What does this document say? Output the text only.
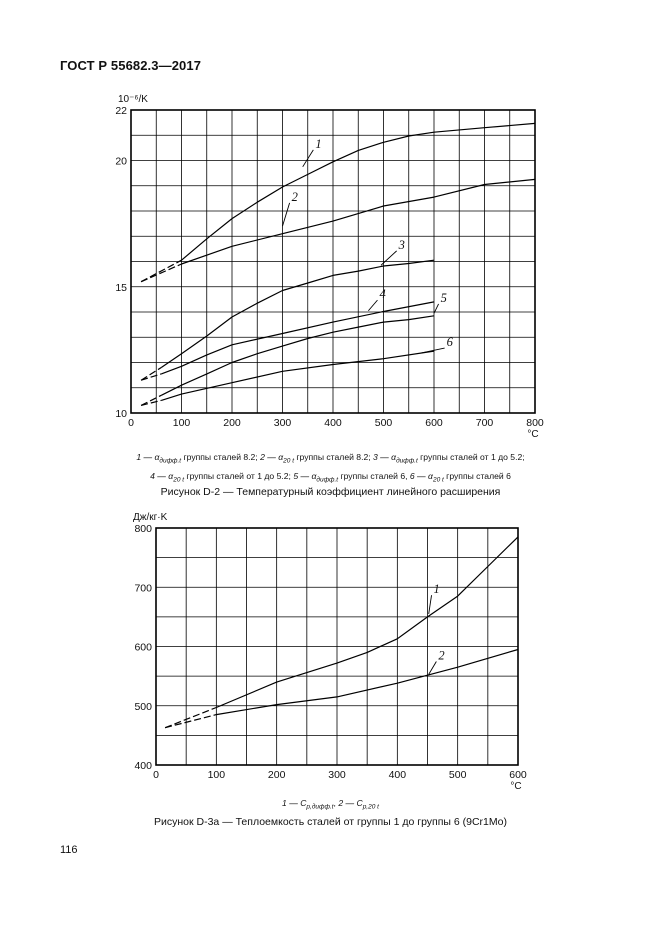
ГОСТ Р 55682.3—2017
0	100	200	300	400	500	600	700	800
10
15
20
22
10⁻⁶/K
°C
1
2
3
4	5
6
1 — $\alpha_{дифф.t}$ группы сталей 8.2; 2 — $\alpha_{20 t}$ группы сталей 8.2; 3 — $\alpha_{дифф.t}$ группы сталей от 1 до 5.2;
4 — $\alpha_{20 t}$ группы сталей от 1 до 5.2; 5 — $\alpha_{дифф.t}$ группы сталей 6, 6 — $\alpha_{20 t}$ группы сталей 6
Рисунок D-2 — Температурный коэффициент линейного расширения
0	100	200	300	400	500	600
400
500
600
700
800
Дж/кг·K
°C
1
2
1 — $C_{p,дифф.t}$, 2 — $C_{p,20 t}$
Рисунок D-3a — Теплоемкость сталей от группы 1 до группы 6 (9Cr1Mo)
116
